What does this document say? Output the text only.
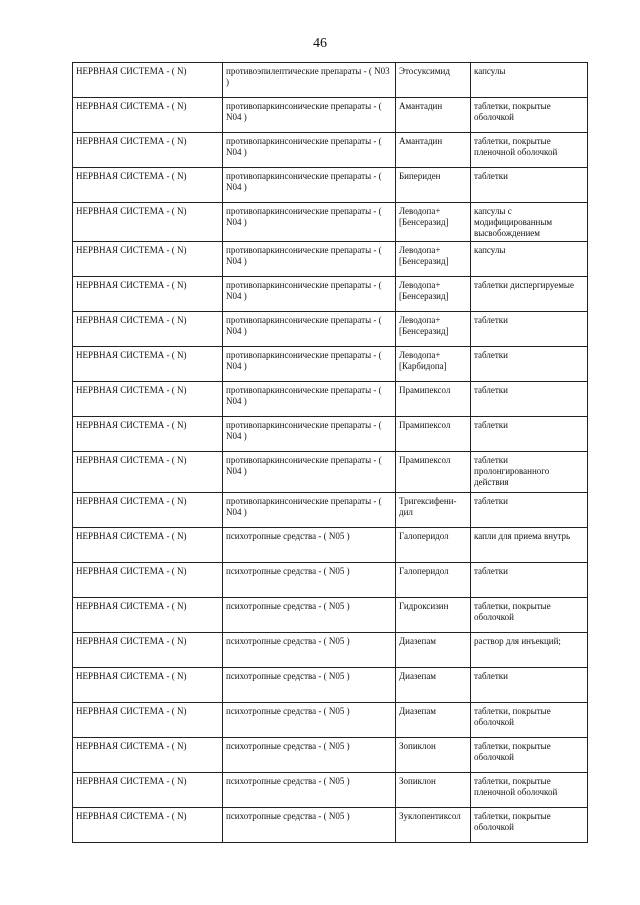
46
НЕРВНАЯ СИСТЕМА - ( N)	противоэпилептические препараты - ( N03 )	Этосуксимид	капсулы
НЕРВНАЯ СИСТЕМА - ( N)	противопаркинсонические препараты - ( N04 )	Амантадин	таблетки, покрытые оболочкой
НЕРВНАЯ СИСТЕМА - ( N)	противопаркинсонические препараты - ( N04 )	Амантадин	таблетки, покрытые пленочной оболочкой
НЕРВНАЯ СИСТЕМА - ( N)	противопаркинсонические препараты - ( N04 )	Бипериден	таблетки
НЕРВНАЯ СИСТЕМА - ( N)	противопаркинсонические препараты - ( N04 )	Леводопа+ [Бенсеразид]	капсулы с модифицированным высвобождением
НЕРВНАЯ СИСТЕМА - ( N)	противопаркинсонические препараты - ( N04 )	Леводопа+ [Бенсеразид]	капсулы
НЕРВНАЯ СИСТЕМА - ( N)	противопаркинсонические препараты - ( N04 )	Леводопа+ [Бенсеразид]	таблетки диспергируемые
НЕРВНАЯ СИСТЕМА - ( N)	противопаркинсонические препараты - ( N04 )	Леводопа+ [Бенсеразид]	таблетки
НЕРВНАЯ СИСТЕМА - ( N)	противопаркинсонические препараты - ( N04 )	Леводопа+ [Карбидопа]	таблетки
НЕРВНАЯ СИСТЕМА - ( N)	противопаркинсонические препараты - ( N04 )	Прамипексол	таблетки
НЕРВНАЯ СИСТЕМА - ( N)	противопаркинсонические препараты - ( N04 )	Прамипексол	таблетки
НЕРВНАЯ СИСТЕМА - ( N)	противопаркинсонические препараты - ( N04 )	Прамипексол	таблетки пролонгированного действия
НЕРВНАЯ СИСТЕМА - ( N)	противопаркинсонические препараты - ( N04 )	Тригексифени-дил	таблетки
НЕРВНАЯ СИСТЕМА - ( N)	психотропные средства - ( N05 )	Галоперидол	капли для приема внутрь
НЕРВНАЯ СИСТЕМА - ( N)	психотропные средства - ( N05 )	Галоперидол	таблетки
НЕРВНАЯ СИСТЕМА - ( N)	психотропные средства - ( N05 )	Гидроксизин	таблетки, покрытые оболочкой
НЕРВНАЯ СИСТЕМА - ( N)	психотропные средства - ( N05 )	Диазепам	раствор для инъекций;
НЕРВНАЯ СИСТЕМА - ( N)	психотропные средства - ( N05 )	Диазепам	таблетки
НЕРВНАЯ СИСТЕМА - ( N)	психотропные средства - ( N05 )	Диазепам	таблетки, покрытые оболочкой
НЕРВНАЯ СИСТЕМА - ( N)	психотропные средства - ( N05 )	Зопиклон	таблетки, покрытые оболочкой
НЕРВНАЯ СИСТЕМА - ( N)	психотропные средства - ( N05 )	Зопиклон	таблетки, покрытые пленочной оболочкой
НЕРВНАЯ СИСТЕМА - ( N)	психотропные средства - ( N05 )	Зуклопентиксол	таблетки, покрытые оболочкой
